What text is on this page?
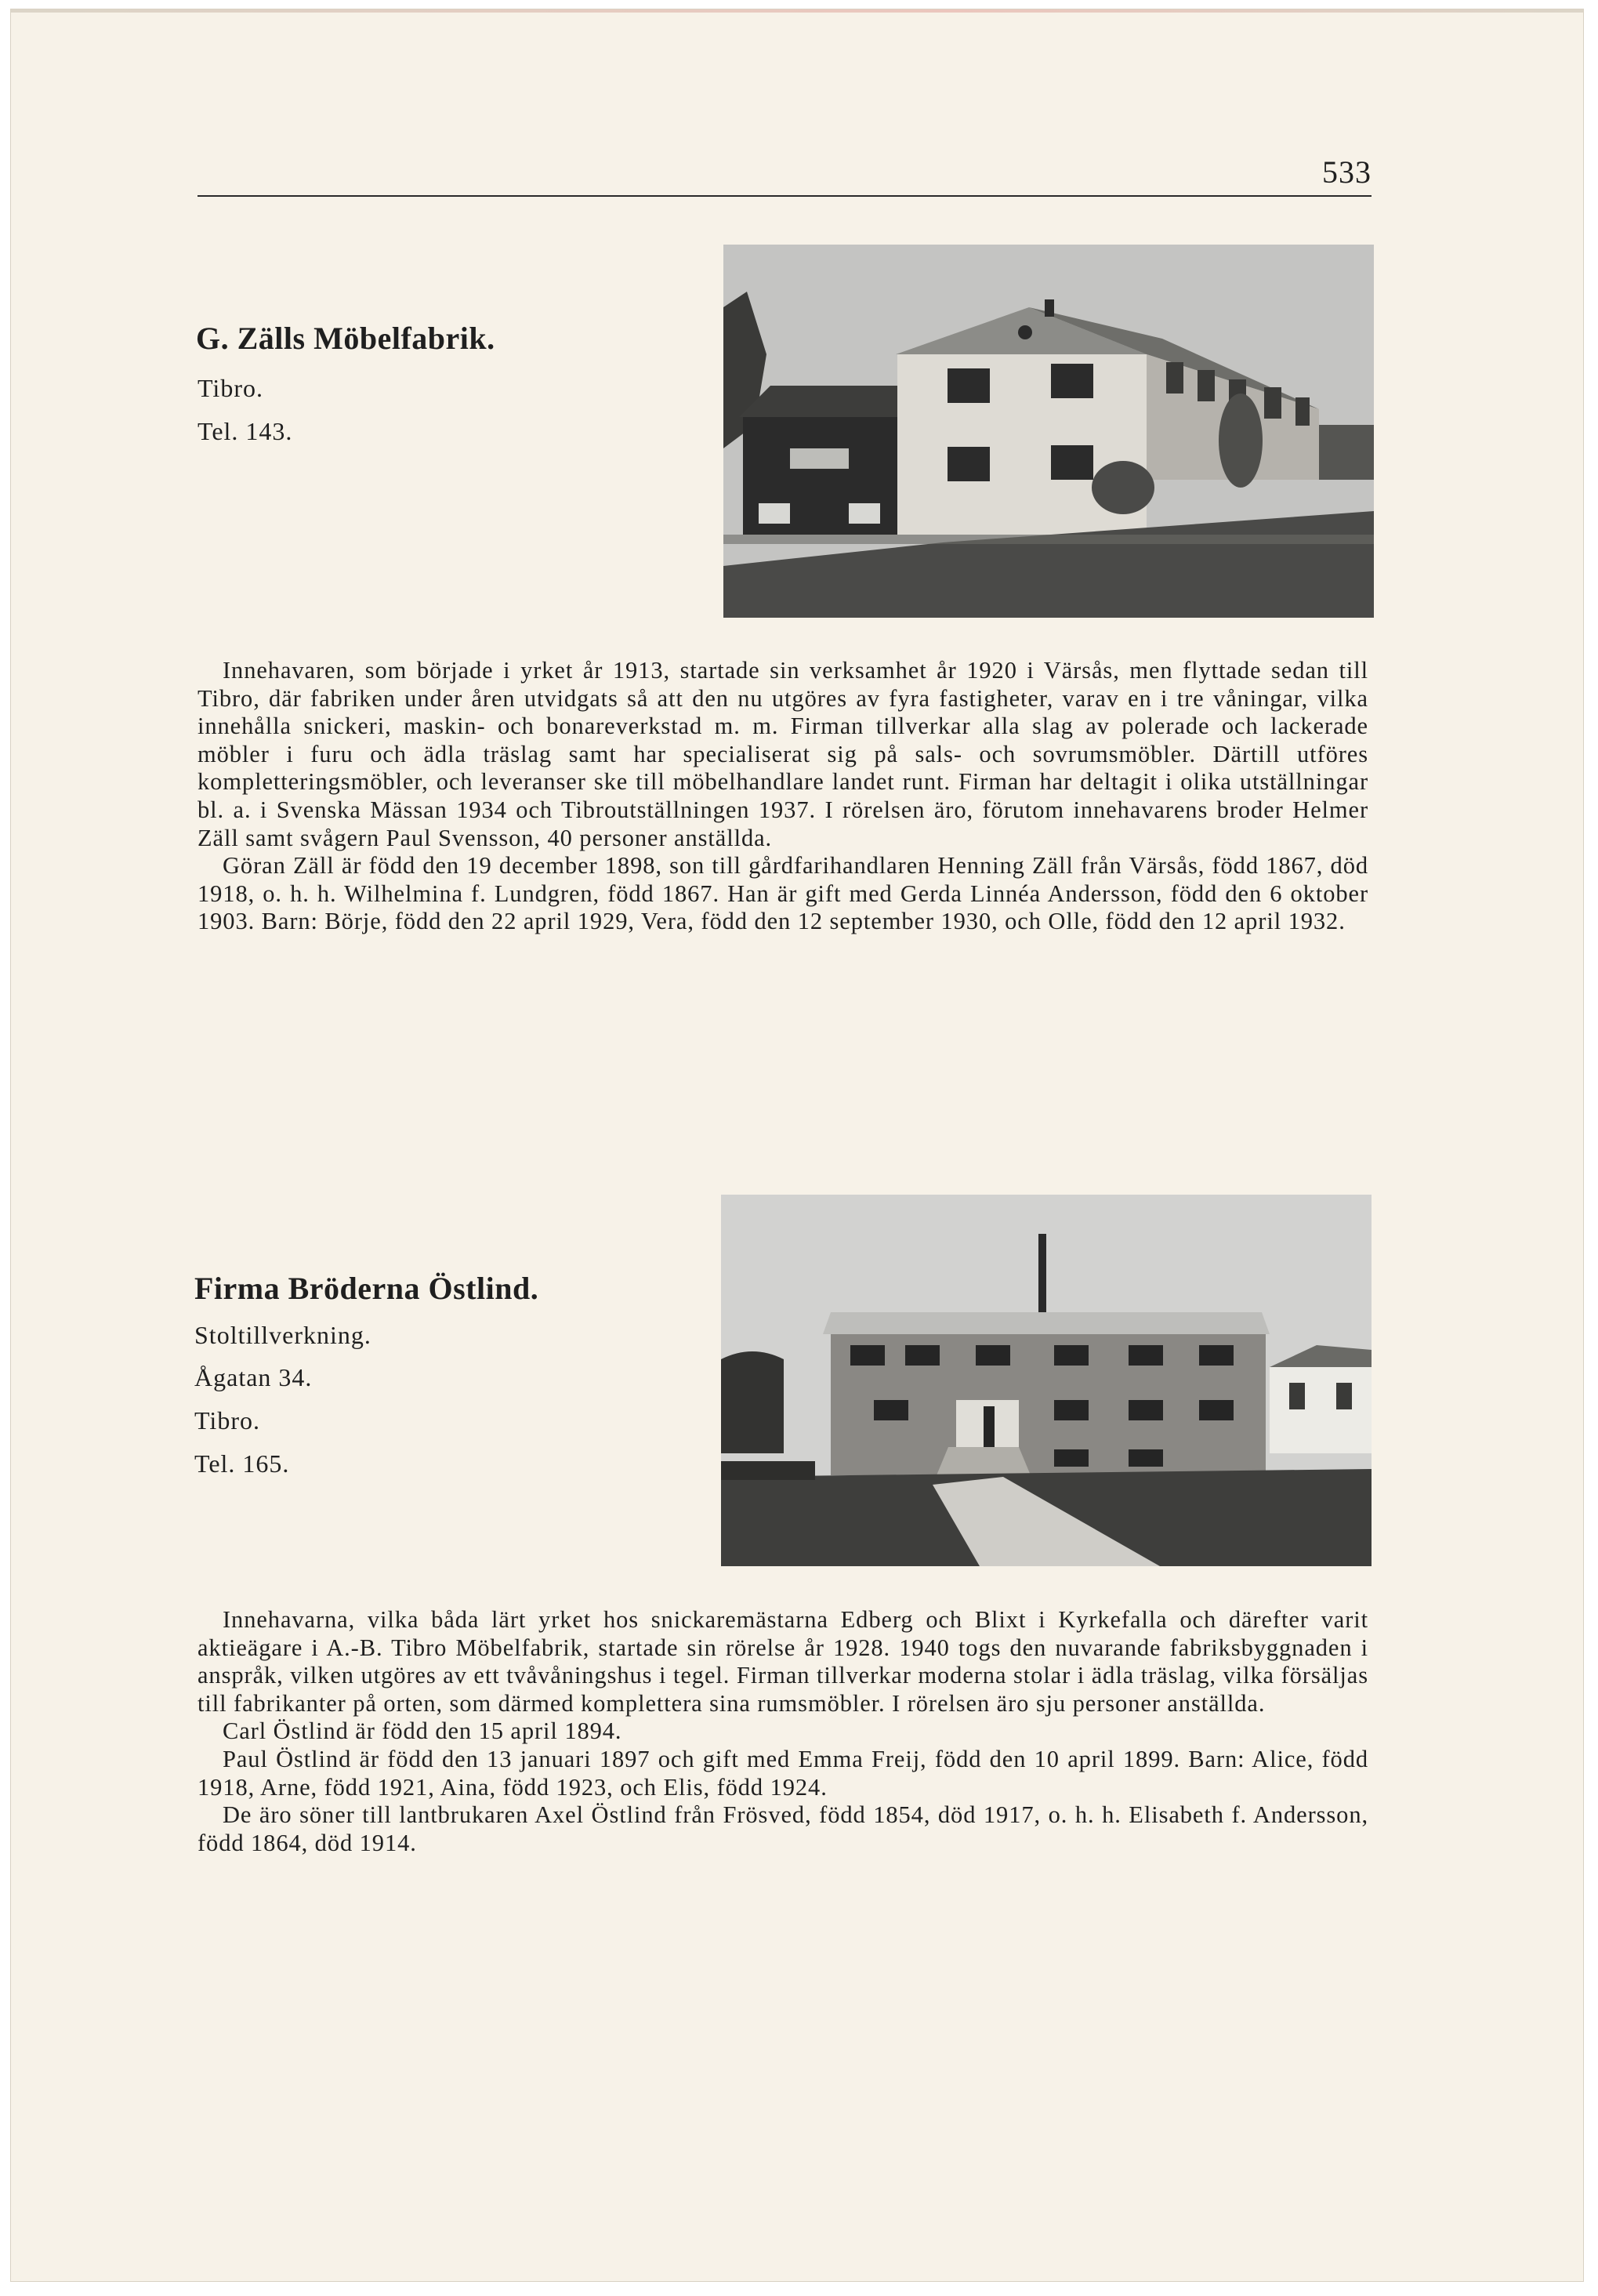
533
G. Zälls Möbelfabrik.
Tibro.
Tel. 143.

Innehavaren, som började i yrket år 1913, startade sin verksamhet år 1920 i Värsås, men flyttade sedan till Tibro, där fabriken under åren utvidgats så att den nu utgöres av fyra fastigheter, varav en i tre våningar, vilka innehålla snickeri, maskin- och bonareverkstad m. m. Firman tillverkar alla slag av polerade och lackerade möbler i furu och ädla träslag samt har specialiserat sig på sals- och sovrumsmöbler. Därtill utföres kompletteringsmöbler, och leveranser ske till möbelhandlare landet runt. Firman har deltagit i olika utställningar bl. a. i Svenska Mässan 1934 och Tibroutställningen 1937. I rörelsen äro, förutom innehavarens broder Helmer Zäll samt svågern Paul Svensson, 40 personer anställda.

Göran Zäll är född den 19 december 1898, son till gårdfarihandlaren Henning Zäll från Värsås, född 1867, död 1918, o. h. h. Wilhelmina f. Lundgren, född 1867. Han är gift med Gerda Linnéa Andersson, född den 6 oktober 1903. Barn: Börje, född den 22 april 1929, Vera, född den 12 september 1930, och Olle, född den 12 april 1932.

Firma Bröderna Östlind.
Stoltillverkning.
Ågatan 34.
Tibro.
Tel. 165.

Innehavarna, vilka båda lärt yrket hos snickaremästarna Edberg och Blixt i Kyrkefalla och därefter varit aktieägare i A.-B. Tibro Möbelfabrik, startade sin rörelse år 1928. 1940 togs den nuvarande fabriksbyggnaden i anspråk, vilken utgöres av ett tvåvåningshus i tegel. Firman tillverkar moderna stolar i ädla träslag, vilka försäljas till fabrikanter på orten, som därmed komplettera sina rumsmöbler. I rörelsen äro sju personer anställda.

Carl Östlind är född den 15 april 1894.

Paul Östlind är född den 13 januari 1897 och gift med Emma Freij, född den 10 april 1899. Barn: Alice, född 1918, Arne, född 1921, Aina, född 1923, och Elis, född 1924.

De äro söner till lantbrukaren Axel Östlind från Frösved, född 1854, död 1917, o. h. h. Elisabeth f. Andersson, född 1864, död 1914.
